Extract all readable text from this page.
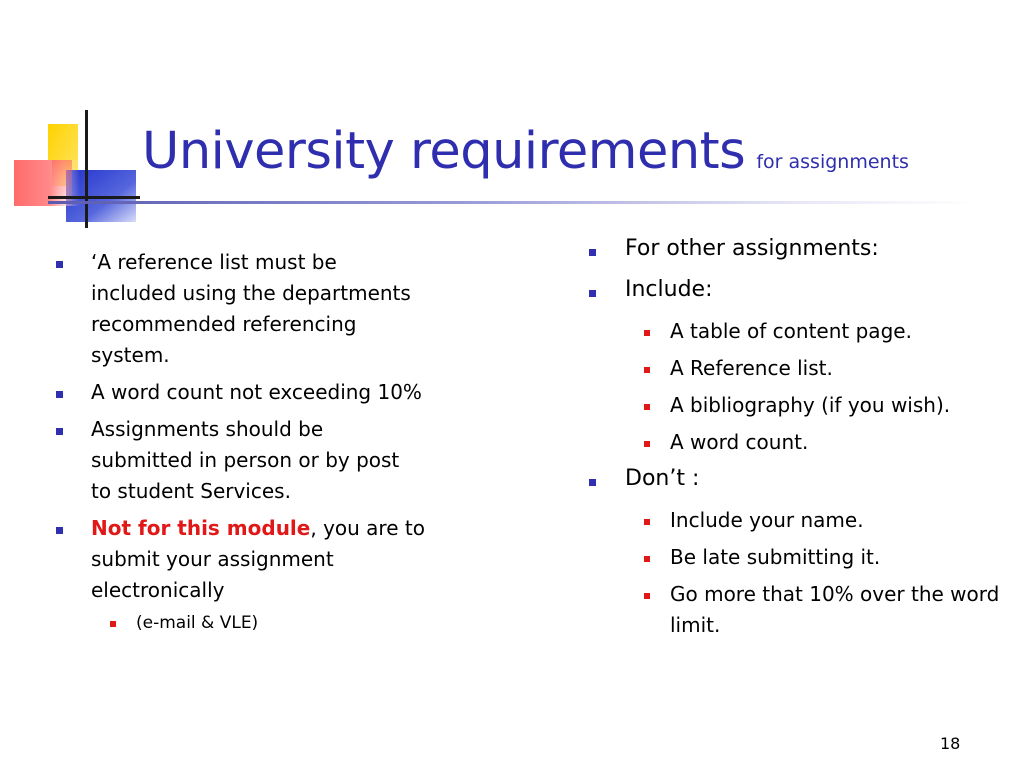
University requirements for assignments
‘A reference list must be included using the departments recommended referencing system.
A word count not exceeding 10%
Assignments should be submitted in person or by post to student Services.
Not for this module, you are to submit your assignment electronically
(e-mail & VLE)
For other assignments:
Include:
A table of content page.
A Reference list.
A bibliography (if you wish).
A word count.
Don’t :
Include your name.
Be late submitting it.
Go more that 10% over the word limit.
18
